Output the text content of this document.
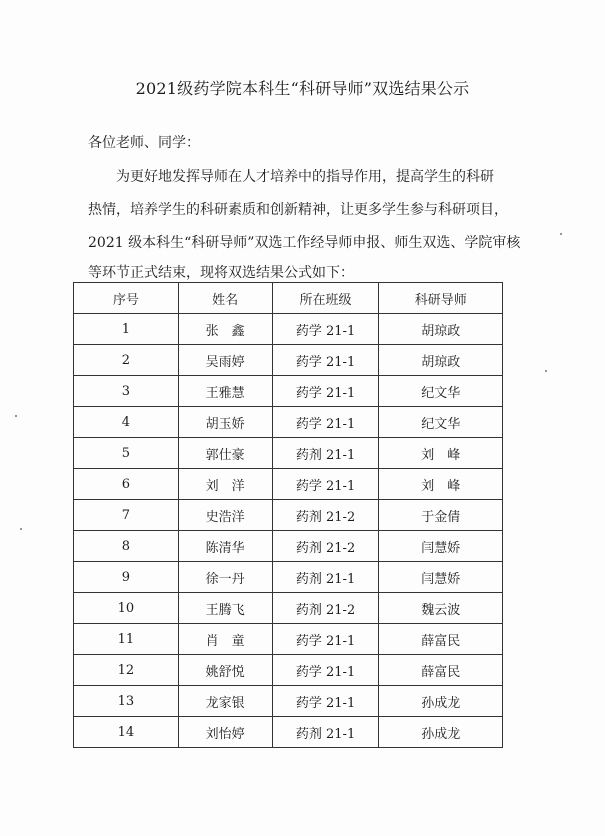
2021级药学院本科生“科研导师”双选结果公示
各位老师、同学：
为更好地发挥导师在人才培养中的指导作用，提高学生的科研
热情，培养学生的科研素质和创新精神，让更多学生参与科研项目，
2021 级本科生“科研导师”双选工作经导师申报、师生双选、学院审核
等环节正式结束，现将双选结果公式如下：
序号	姓名	所在班级	科研导师
1	张　鑫	药学 21-1	胡琼政
2	吴雨婷	药学 21-1	胡琼政
3	王雅慧	药学 21-1	纪文华
4	胡玉娇	药学 21-1	纪文华
5	郭仕豪	药剂 21-1	刘　峰
6	刘　洋	药学 21-1	刘　峰
7	史浩洋	药剂 21-2	于金倩
8	陈清华	药剂 21-2	闫慧娇
9	徐一丹	药剂 21-1	闫慧娇
10	王腾飞	药剂 21-2	魏云波
11	肖　童	药学 21-1	薛富民
12	姚舒悦	药学 21-1	薛富民
13	龙家银	药学 21-1	孙成龙
14	刘怡婷	药剂 21-1	孙成龙
